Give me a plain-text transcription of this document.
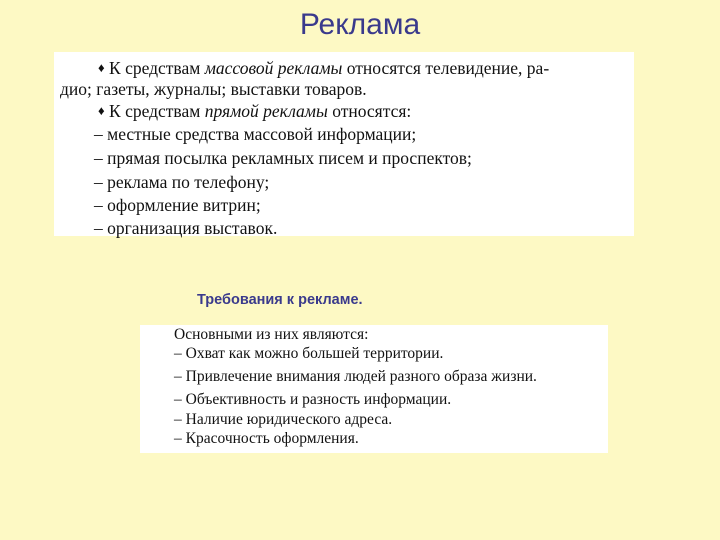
Реклама
♦ К средствам массовой рекламы относятся телевидение, ра-
дио; газеты, журналы; выставки товаров.
♦ К средствам прямой рекламы относятся:
– местные средства массовой информации;
– прямая посылка рекламных писем и проспектов;
– реклама по телефону;
– оформление витрин;
– организация выставок.
Требования к рекламе.
Основными из них являются:
– Охват как можно большей территории.
– Привлечение внимания людей разного образа жизни.
– Объективность и разность информации.
– Наличие юридического адреса.
– Красочность оформления.
